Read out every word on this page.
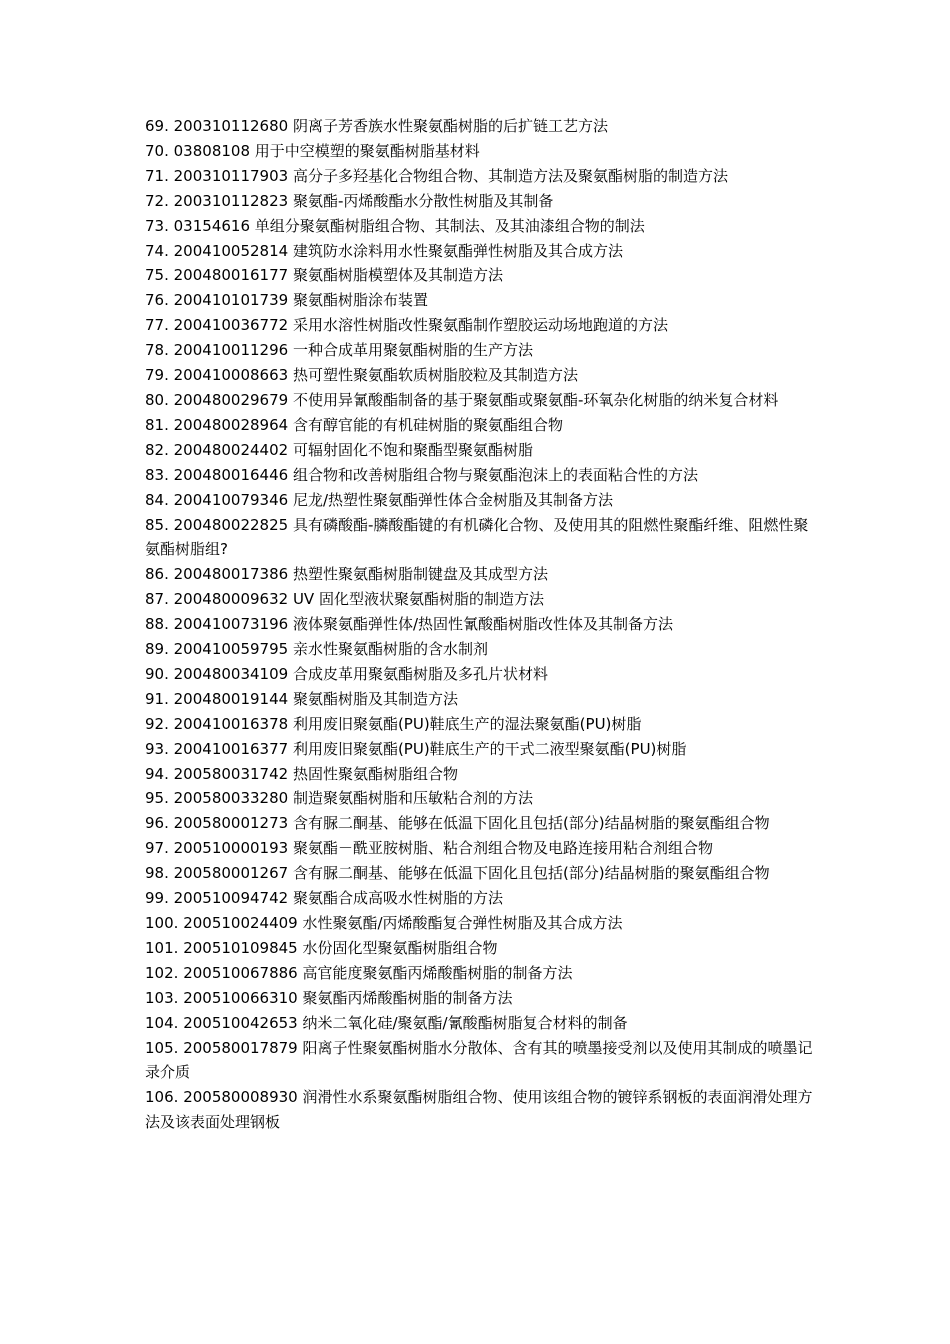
69. 200310112680 阴离子芳香族水性聚氨酯树脂的后扩链工艺方法
70. 03808108 用于中空模塑的聚氨酯树脂基材料
71. 200310117903 高分子多羟基化合物组合物、其制造方法及聚氨酯树脂的制造方法
72. 200310112823 聚氨酯-丙烯酸酯水分散性树脂及其制备
73. 03154616 单组分聚氨酯树脂组合物、其制法、及其油漆组合物的制法
74. 200410052814 建筑防水涂料用水性聚氨酯弹性树脂及其合成方法
75. 200480016177 聚氨酯树脂模塑体及其制造方法
76. 200410101739 聚氨酯树脂涂布装置
77. 200410036772 采用水溶性树脂改性聚氨酯制作塑胶运动场地跑道的方法
78. 200410011296 一种合成革用聚氨酯树脂的生产方法
79. 200410008663 热可塑性聚氨酯软质树脂胶粒及其制造方法
80. 200480029679 不使用异氰酸酯制备的基于聚氨酯或聚氨酯-环氧杂化树脂的纳米复合材料
81. 200480028964 含有醇官能的有机硅树脂的聚氨酯组合物
82. 200480024402 可辐射固化不饱和聚酯型聚氨酯树脂
83. 200480016446 组合物和改善树脂组合物与聚氨酯泡沫上的表面粘合性的方法
84. 200410079346 尼龙/热塑性聚氨酯弹性体合金树脂及其制备方法
85. 200480022825 具有磷酸酯-膦酸酯键的有机磷化合物、及使用其的阻燃性聚酯纤维、阻燃性聚氨酯树脂组?
86. 200480017386 热塑性聚氨酯树脂制键盘及其成型方法
87. 200480009632 UV 固化型液状聚氨酯树脂的制造方法
88. 200410073196 液体聚氨酯弹性体/热固性氰酸酯树脂改性体及其制备方法
89. 200410059795 亲水性聚氨酯树脂的含水制剂
90. 200480034109 合成皮革用聚氨酯树脂及多孔片状材料
91. 200480019144 聚氨酯树脂及其制造方法
92. 200410016378 利用废旧聚氨酯(PU)鞋底生产的湿法聚氨酯(PU)树脂
93. 200410016377 利用废旧聚氨酯(PU)鞋底生产的干式二液型聚氨酯(PU)树脂
94. 200580031742 热固性聚氨酯树脂组合物
95. 200580033280 制造聚氨酯树脂和压敏粘合剂的方法
96. 200580001273 含有脲二酮基、能够在低温下固化且包括(部分)结晶树脂的聚氨酯组合物
97. 200510000193 聚氨酯－酰亚胺树脂、粘合剂组合物及电路连接用粘合剂组合物
98. 200580001267 含有脲二酮基、能够在低温下固化且包括(部分)结晶树脂的聚氨酯组合物
99. 200510094742 聚氨酯合成高吸水性树脂的方法
100. 200510024409 水性聚氨酯/丙烯酸酯复合弹性树脂及其合成方法
101. 200510109845 水份固化型聚氨酯树脂组合物
102. 200510067886 高官能度聚氨酯丙烯酸酯树脂的制备方法
103. 200510066310 聚氨酯丙烯酸酯树脂的制备方法
104. 200510042653 纳米二氧化硅/聚氨酯/氰酸酯树脂复合材料的制备
105. 200580017879 阳离子性聚氨酯树脂水分散体、含有其的喷墨接受剂以及使用其制成的喷墨记录介质
106. 200580008930 润滑性水系聚氨酯树脂组合物、使用该组合物的镀锌系钢板的表面润滑处理方法及该表面处理钢板
